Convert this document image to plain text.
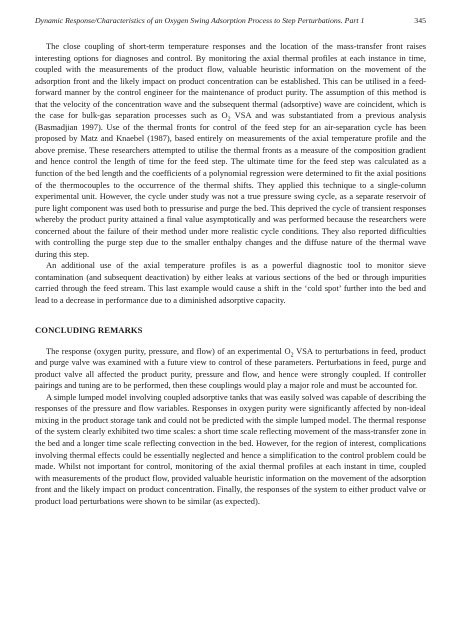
Dynamic Response/Characteristics of an Oxygen Swing Adsorption Process to Step Perturbations. Part 1	345

The close coupling of short-term temperature responses and the location of the mass-transfer front raises interesting options for diagnoses and control. By monitoring the axial thermal profiles at each instance in time, coupled with the measurements of the product flow, valuable heuristic information on the movement of the adsorption front and the likely impact on product concentration can be established. This can be utilised in a feed-forward manner by the control engineer for the maintenance of product purity. The assumption of this method is that the velocity of the concentration wave and the subsequent thermal (adsorptive) wave are coincident, which is the case for bulk-gas separation processes such as $O_2$ VSA and was substantiated from a previous analysis (Basmadjian 1997). Use of the thermal fronts for control of the feed step for an air-separation cycle has been proposed by Matz and Knaebel (1987), based entirely on measurements of the axial temperature profile and the above premise. These researchers attempted to utilise the thermal fronts as a measure of the composition gradient and hence control the length of time for the feed step. The ultimate time for the feed step was calculated as a function of the bed length and the coefficients of a polynomial regression were determined to fit the axial positions of the thermocouples to the occurrence of the thermal shifts. They applied this technique to a single-column experimental unit. However, the cycle under study was not a true pressure swing cycle, as a separate reservoir of pure light component was used both to pressurise and purge the bed. This deprived the cycle of transient responses whereby the product purity attained a final value asymptotically and was performed because the researchers were concerned about the failure of their method under more realistic cycle conditions. They also reported difficulties with controlling the purge step due to the smaller enthalpy changes and the diffuse nature of the thermal wave during this step.

An additional use of the axial temperature profiles is as a powerful diagnostic tool to monitor sieve contamination (and subsequent deactivation) by either leaks at various sections of the bed or through impurities carried through the feed stream. This last example would cause a shift in the ‘cold spot’ further into the bed and lead to a decrease in performance due to a diminished adsorptive capacity.

CONCLUDING REMARKS

The response (oxygen purity, pressure, and flow) of an experimental $O_2$ VSA to perturbations in feed, product and purge valve was examined with a future view to control of these parameters. Perturbations in feed, purge and product valve all affected the product purity, pressure and flow, and hence were strongly coupled. If controller pairings and tuning are to be performed, then these couplings would play a major role and must be accounted for.

A simple lumped model involving coupled adsorptive tanks that was easily solved was capable of describing the responses of the pressure and flow variables. Responses in oxygen purity were significantly affected by non-ideal mixing in the product storage tank and could not be predicted with the simple lumped model. The thermal response of the system clearly exhibited two time scales: a short time scale reflecting movement of the mass-transfer zone in the bed and a longer time scale reflecting convection in the bed. However, for the region of interest, complications involving thermal effects could be essentially neglected and hence a simplification to the control problem could be made. Whilst not important for control, monitoring of the axial thermal profiles at each instant in time, coupled with measurements of the product flow, provided valuable heuristic information on the movement of the adsorption front and the likely impact on product concentration. Finally, the responses of the system to either product valve or product load perturbations were shown to be similar (as expected).
